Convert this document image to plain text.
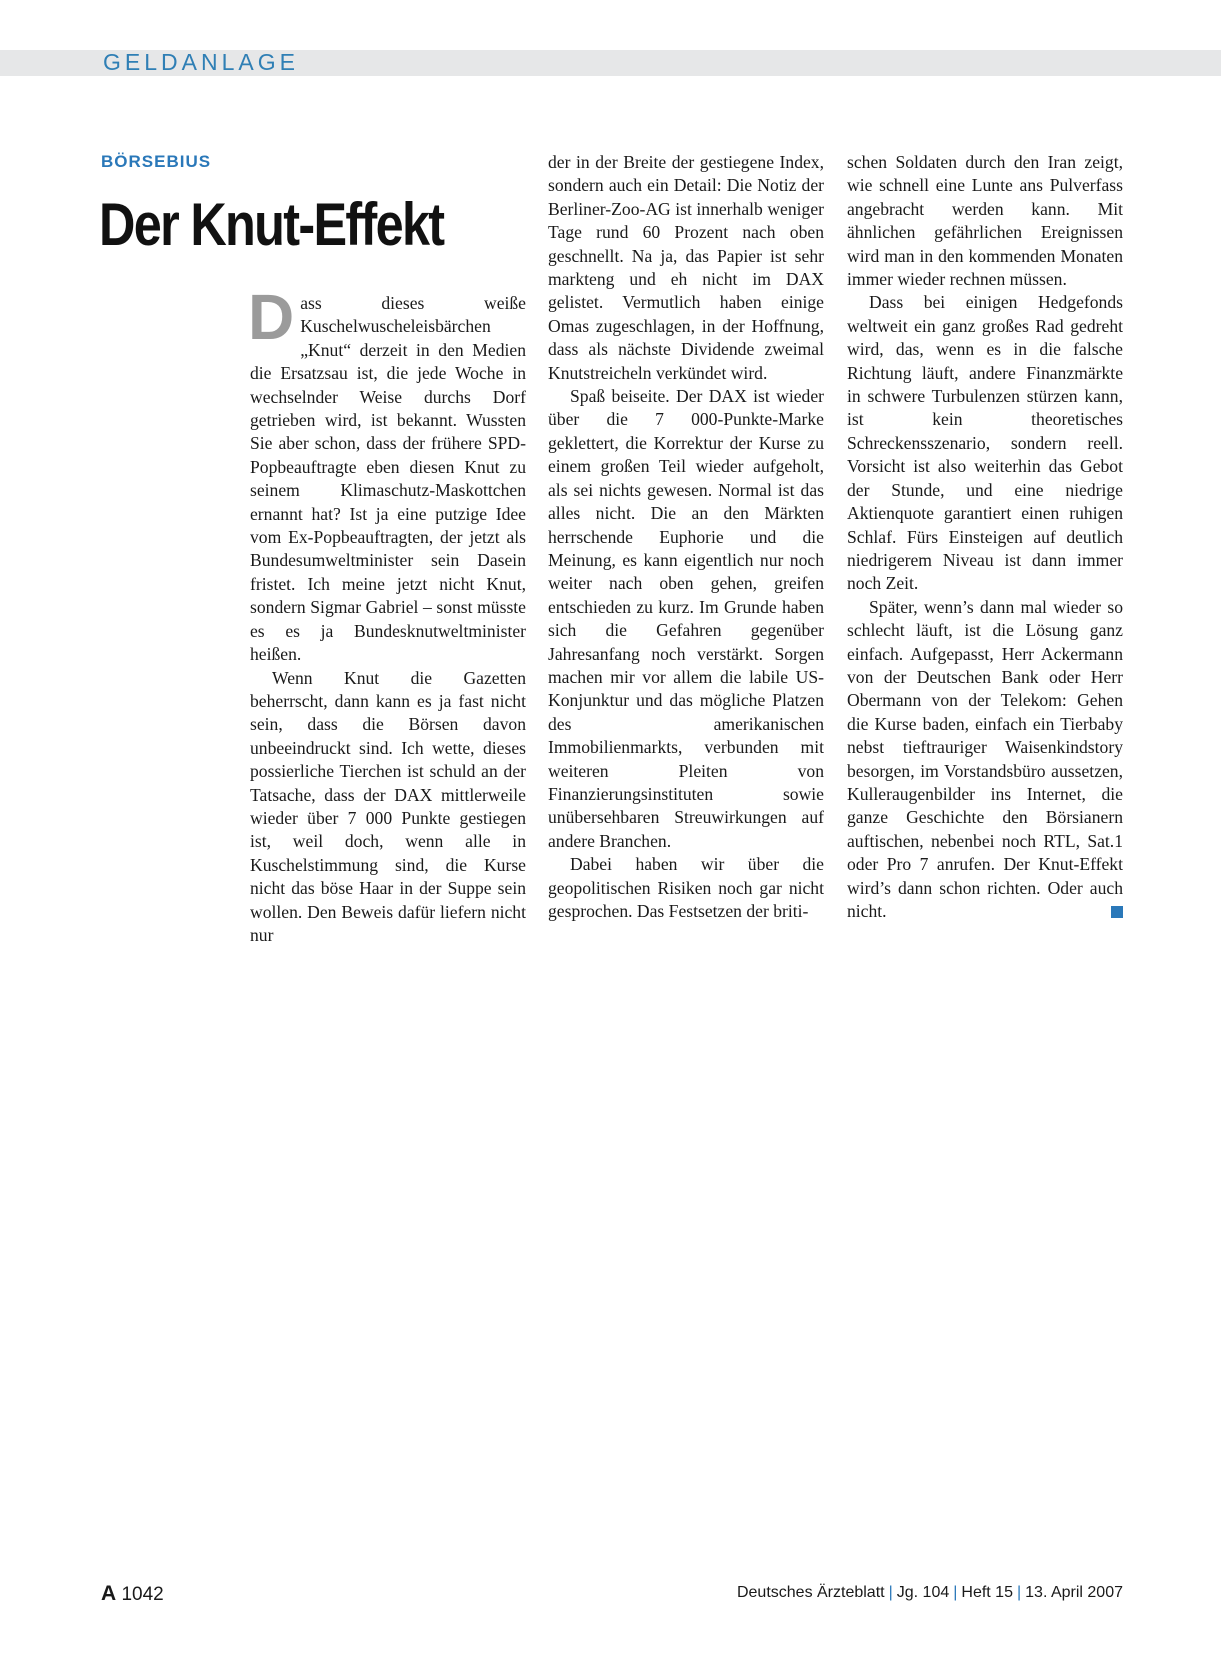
GELDANLAGE
BÖRSEBIUS
Der Knut-Effekt

Dass dieses weiße Kuschelwuscheleisbärchen „Knut“ derzeit in den Medien die Ersatzsau ist, die jede Woche in wechselnder Weise durchs Dorf getrieben wird, ist bekannt. Wussten Sie aber schon, dass der frühere SPD-Popbeauftragte eben diesen Knut zu seinem Klimaschutz-Maskottchen ernannt hat? Ist ja eine putzige Idee vom Ex-Popbeauftragten, der jetzt als Bundesumweltminister sein Dasein fristet. Ich meine jetzt nicht Knut, sondern Sigmar Gabriel – sonst müsste es es ja Bundesknutweltminister heißen.

Wenn Knut die Gazetten beherrscht, dann kann es ja fast nicht sein, dass die Börsen davon unbeeindruckt sind. Ich wette, dieses possierliche Tierchen ist schuld an der Tatsache, dass der DAX mittlerweile wieder über 7 000 Punkte gestiegen ist, weil doch, wenn alle in Kuschelstimmung sind, die Kurse nicht das böse Haar in der Suppe sein wollen. Den Beweis dafür liefern nicht nur

der in der Breite der gestiegene Index, sondern auch ein Detail: Die Notiz der Berliner-Zoo-AG ist innerhalb weniger Tage rund 60 Prozent nach oben geschnellt. Na ja, das Papier ist sehr markteng und eh nicht im DAX gelistet. Vermutlich haben einige Omas zugeschlagen, in der Hoffnung, dass als nächste Dividende zweimal Knutstreicheln verkündet wird.

Spaß beiseite. Der DAX ist wieder über die 7 000-Punkte-Marke geklettert, die Korrektur der Kurse zu einem großen Teil wieder aufgeholt, als sei nichts gewesen. Normal ist das alles nicht. Die an den Märkten herrschende Euphorie und die Meinung, es kann eigentlich nur noch weiter nach oben gehen, greifen entschieden zu kurz. Im Grunde haben sich die Gefahren gegenüber Jahresanfang noch verstärkt. Sorgen machen mir vor allem die labile US-Konjunktur und das mögliche Platzen des amerikanischen Immobilienmarkts, verbunden mit weiteren Pleiten von Finanzierungsinstituten sowie unübersehbaren Streuwirkungen auf andere Branchen.

Dabei haben wir über die geopolitischen Risiken noch gar nicht gesprochen. Das Festsetzen der briti-

schen Soldaten durch den Iran zeigt, wie schnell eine Lunte ans Pulverfass angebracht werden kann. Mit ähnlichen gefährlichen Ereignissen wird man in den kommenden Monaten immer wieder rechnen müssen.

Dass bei einigen Hedgefonds weltweit ein ganz großes Rad gedreht wird, das, wenn es in die falsche Richtung läuft, andere Finanzmärkte in schwere Turbulenzen stürzen kann, ist kein theoretisches Schreckensszenario, sondern reell. Vorsicht ist also weiterhin das Gebot der Stunde, und eine niedrige Aktienquote garantiert einen ruhigen Schlaf. Fürs Einsteigen auf deutlich niedrigerem Niveau ist dann immer noch Zeit.

Später, wenn’s dann mal wieder so schlecht läuft, ist die Lösung ganz einfach. Aufgepasst, Herr Ackermann von der Deutschen Bank oder Herr Obermann von der Telekom: Gehen die Kurse baden, einfach ein Tierbaby nebst tieftrauriger Waisenkindstory besorgen, im Vorstandsbüro aussetzen, Kulleraugenbilder ins Internet, die ganze Geschichte den Börsianern auftischen, nebenbei noch RTL, Sat.1 oder Pro 7 anrufen. Der Knut-Effekt wird’s dann schon richten. Oder auch nicht.

A 1042	Deutsches Ärzteblatt | Jg. 104 | Heft 15 | 13. April 2007
